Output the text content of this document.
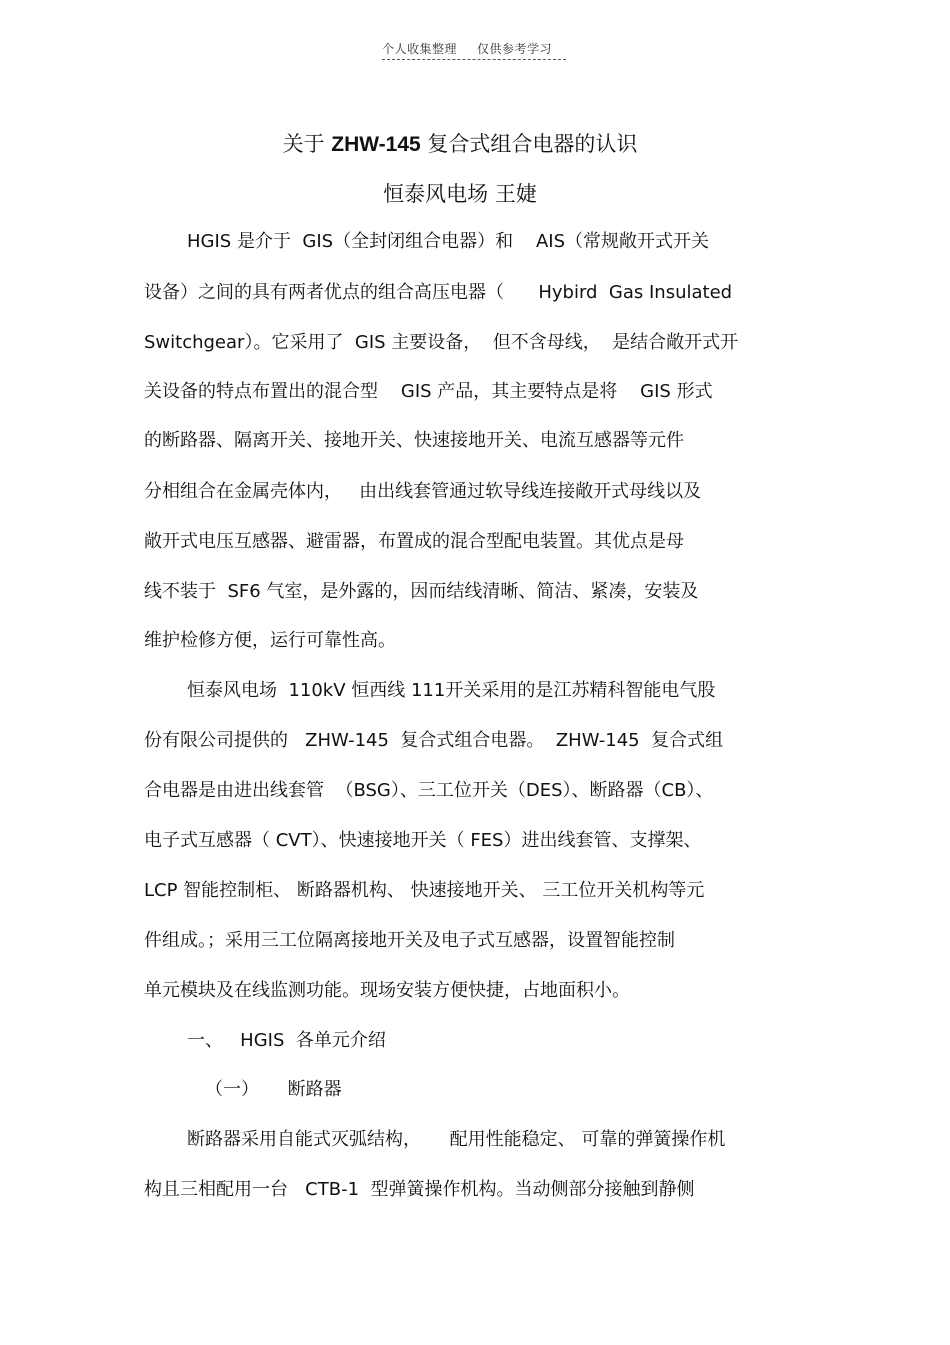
个人收集整理 仅供参考学习
关于 ZHW-145 复合式组合电器的认识
恒泰风电场 王婕
HGIS 是介于  GIS（全封闭组合电器）和    AIS（常规敞开式开关
设备）之间的具有两者优点的组合高压电器（      Hybird  Gas Insulated
Switchgear）。它采用了  GIS 主要设备，  但不含母线，  是结合敞开式开
关设备的特点布置出的混合型    GIS 产品，其主要特点是将    GIS 形式
的断路器、隔离开关、接地开关、快速接地开关、电流互感器等元件
分相组合在金属壳体内，   由出线套管通过软导线连接敞开式母线以及
敞开式电压互感器、避雷器，布置成的混合型配电装置。其优点是母
线不装于  SF6 气室，是外露的，因而结线清晰、简洁、紧凑，安装及
维护检修方便，运行可靠性高。
恒泰风电场  110kV 恒西线 111开关采用的是江苏精科智能电气股
份有限公司提供的   ZHW-145  复合式组合电器。  ZHW-145  复合式组
合电器是由进出线套管  （BSG）、三工位开关（DES）、断路器（CB）、
电子式互感器（ CVT）、快速接地开关（ FES）进出线套管、支撑架、
LCP 智能控制柜、 断路器机构、 快速接地开关、 三工位开关机构等元
件组成。；采用三工位隔离接地开关及电子式互感器，设置智能控制
单元模块及在线监测功能。现场安装方便快捷，占地面积小。
一、   HGIS  各单元介绍
（一）     断路器
断路器采用自能式灭弧结构，     配用性能稳定、 可靠的弹簧操作机
构且三相配用一台   CTB-1  型弹簧操作机构。当动侧部分接触到静侧
